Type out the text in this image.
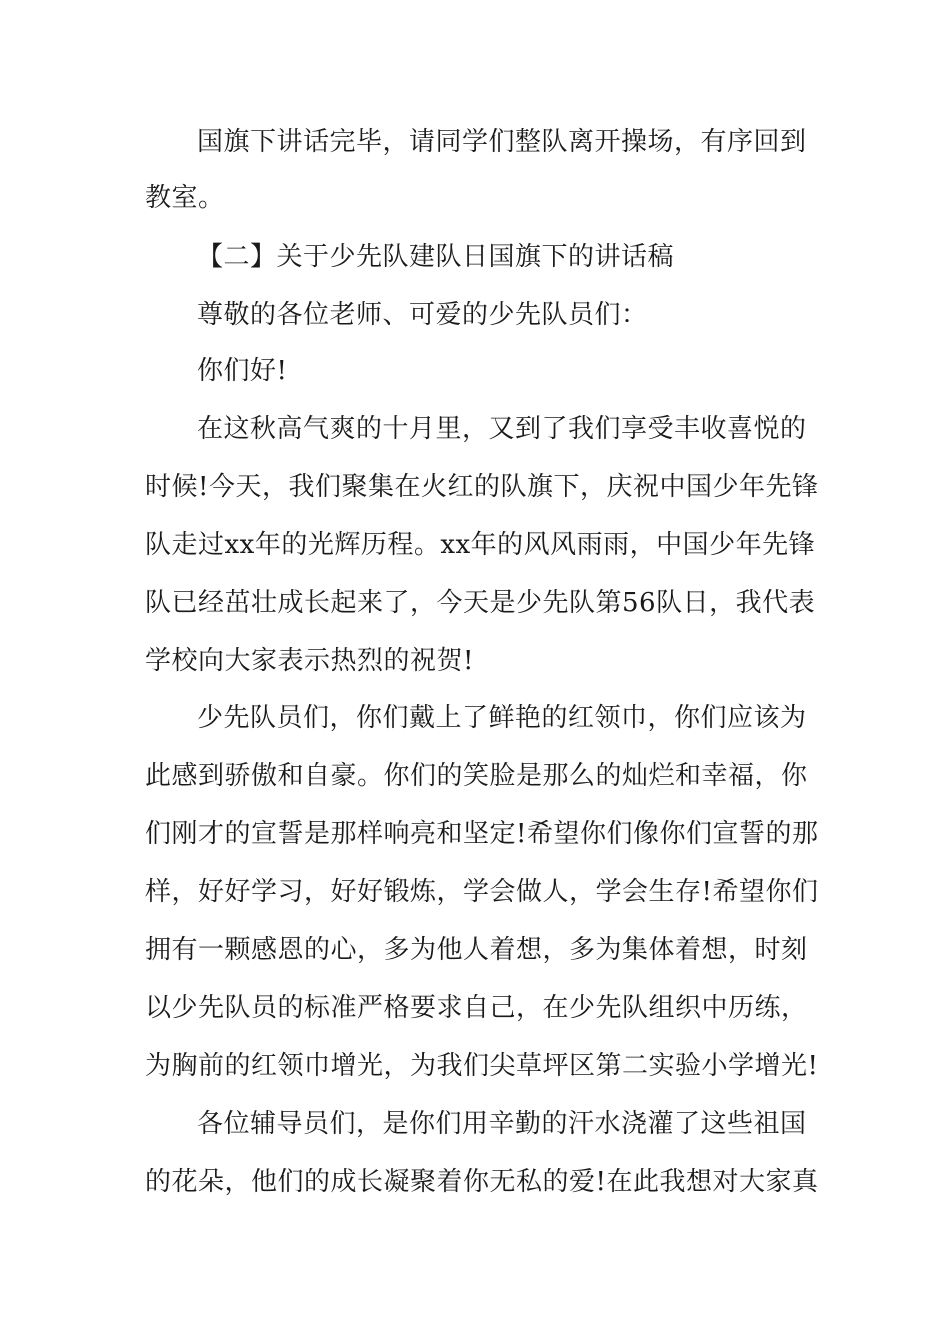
国旗下讲话完毕，请同学们整队离开操场，有序回到
教室。
【二】关于少先队建队日国旗下的讲话稿
尊敬的各位老师、可爱的少先队员们：
你们好!
在这秋高气爽的十月里，又到了我们享受丰收喜悦的
时候!今天，我们聚集在火红的队旗下，庆祝中国少年先锋
队走过xx年的光辉历程。xx年的风风雨雨，中国少年先锋
队已经茁壮成长起来了，今天是少先队第56队日，我代表
学校向大家表示热烈的祝贺!
少先队员们，你们戴上了鲜艳的红领巾，你们应该为
此感到骄傲和自豪。你们的笑脸是那么的灿烂和幸福，你
们刚才的宣誓是那样响亮和坚定!希望你们像你们宣誓的那
样，好好学习，好好锻炼，学会做人，学会生存!希望你们
拥有一颗感恩的心，多为他人着想，多为集体着想，时刻
以少先队员的标准严格要求自己，在少先队组织中历练，
为胸前的红领巾增光，为我们尖草坪区第二实验小学增光!
各位辅导员们，是你们用辛勤的汗水浇灌了这些祖国
的花朵，他们的成长凝聚着你无私的爱!在此我想对大家真
